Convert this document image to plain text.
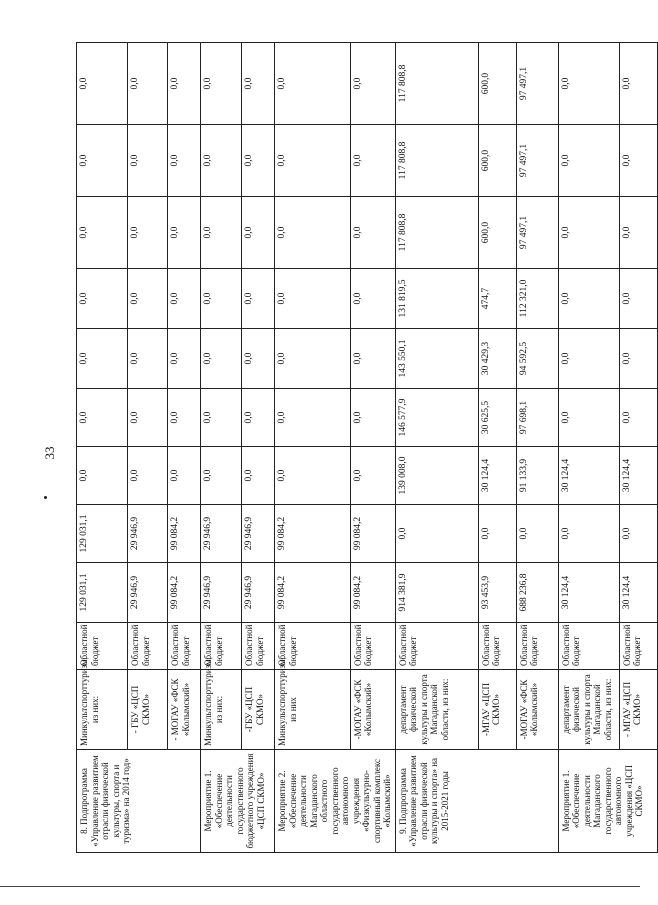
33
8. Подпрограмма «Управление развитием отрасли физической культуры, спорта и туризма» на 2014 год»	Минкультспорттуризм, из них:	Областной бюджет	129 031,1	129 031,1	0,0	0,0	0,0	0,0	0,0	0,0	0,0
	- ГБУ «ЦСП СКМО»	Областной бюджет	29 946,9	29 946,9	0,0	0,0	0,0	0,0	0,0	0,0	0,0
	- МОГАУ «ФСК «Колымский»	Областной бюджет	99 084,2	99 084,2	0,0	0,0	0,0	0,0	0,0	0,0	0,0
Мероприятие 1. «Обеспечение деятельности государственного бюджетного учреждения «ЦСП СКМО»	Минкультспорттуризм, из них:	Областной бюджет	29 946,9	29 946,9	0,0	0,0	0,0	0,0	0,0	0,0	0,0
	-ГБУ «ЦСП СКМО»	Областной бюджет	29 946,9	29 946,9	0,0	0,0	0,0	0,0	0,0	0,0	0,0
Мероприятие 2. «Обеспечение деятельности Магаданского областного государственного автономного учреждения «Физкультурно-спортивный комплекс «Колымский»	Минкультспорттуризм, из них	Областной бюджет	99 084,2	99 084,2	0,0	0,0	0,0	0,0	0,0	0,0	0,0
	-МОГАУ «ФСК «Колымский»	Областной бюджет	99 084,2	99 084,2	0,0	0,0	0,0	0,0	0,0	0,0	0,0
9. Подпрограмма «Управление развитием отрасли физической культуры и спорта» на 2015-2021 годы	департамент физической культуры и спорта Магаданской области, из них:	Областной бюджет	914 381,9	0,0	139 008,0	146 577,9	143 550,1	131 819,5	117 808,8	117 808,8	117 808,8
	-МГАУ «ЦСП СКМО»	Областной бюджет	93 453,9	0,0	30 124,4	30 625,5	30 429,3	474,7	600,0	600,0	600,0
	-МОГАУ «ФСК «Колымский»	Областной бюджет	688 236,8	0,0	91 133,9	97 698,1	94 592,5	112 321,0	97 497,1	97 497,1	97 497,1
Мероприятие 1. «Обеспечение деятельности Магаданского государственного автономного учреждения «ЦСП СКМО»	департамент физической культуры и спорта Магаданской области, из них:	Областной бюджет	30 124,4	0,0	30 124,4	0,0	0,0	0,0	0,0	0,0	0,0
	- МГАУ «ЦСП СКМО»	Областной бюджет	30 124,4	0,0	30 124,4	0,0	0,0	0,0	0,0	0,0	0,0
